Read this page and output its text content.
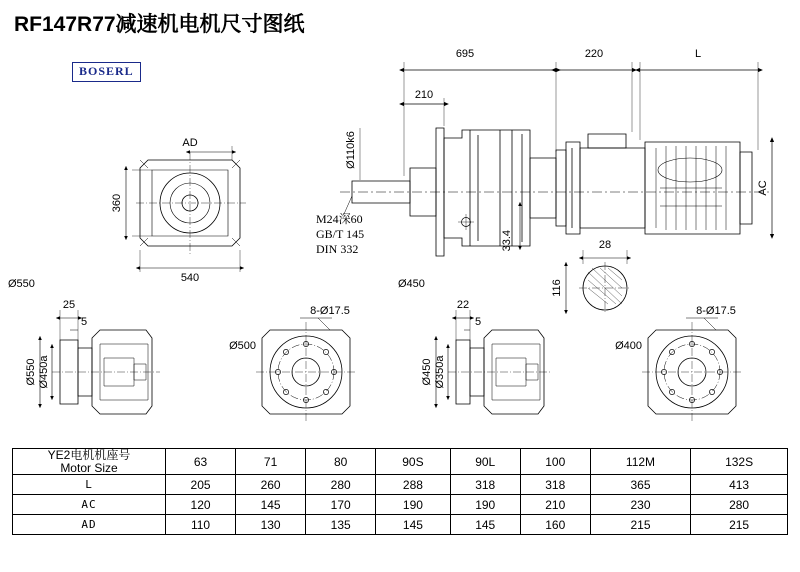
RF147R77减速机电机尺寸图纸
BOSERL
695	220	L
210
AD
540
33.4	28
Ø550	Ø450
25
5
22
5
8-Ø17.5	8-Ø17.5
Ø500	Ø400
360
AC
116
Ø110k6
Ø550 Ø450a	Ø450 Ø350a
M24深60
GB/T 145
DIN 332
YE2电机机座号
Motor Size	63	71	80	90S	90L	100	112M	132S
L	205	260	280	288	318	318	365	413
AC	120	145	170	190	190	210	230	280
AD	110	130	135	145	145	160	215	215
